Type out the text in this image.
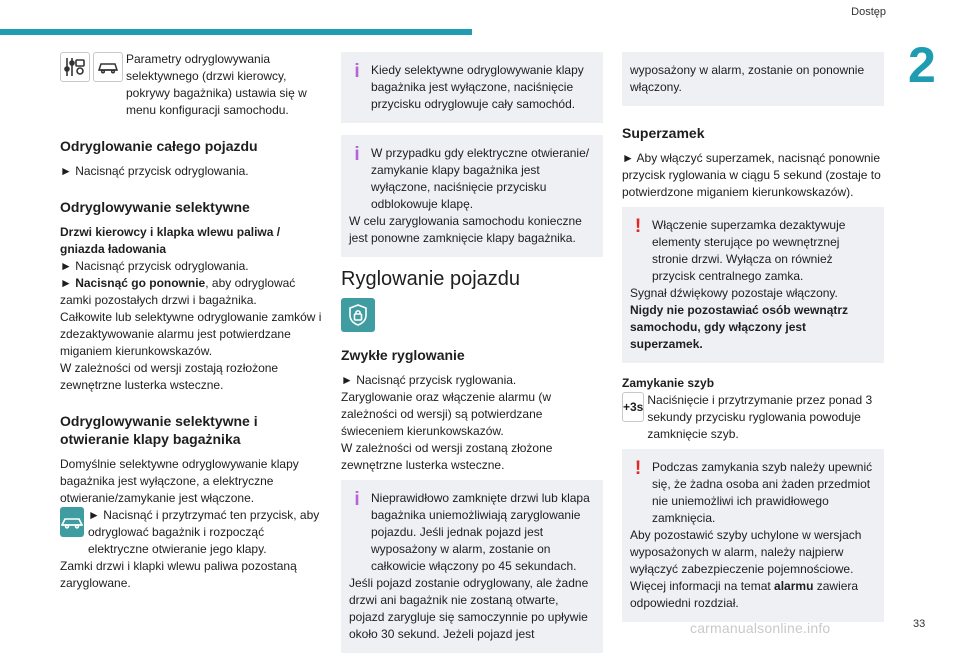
Dostęp
2

Parametry odryglowywania selektywnego (drzwi kierowcy, pokrywy bagażnika) ustawia się w menu konfiguracji samochodu.

Odryglowanie całego pojazdu

► Nacisnąć przycisk odryglowania.

Odryglowywanie selektywne

Drzwi kierowcy i klapka wlewu paliwa / gniazda ładowania

► Nacisnąć przycisk odryglowania.

► Nacisnąć go ponownie, aby odryglować zamki pozostałych drzwi i bagażnika.

Całkowite lub selektywne odryglowanie zamków i zdezaktywowanie alarmu jest potwierdzane miganiem kierunkowskazów.

W zależności od wersji zostają rozłożone zewnętrzne lusterka wsteczne.

Odryglowywanie selektywne i otwieranie klapy bagażnika

Domyślnie selektywne odryglowywanie klapy bagażnika jest wyłączone, a elektryczne otwieranie/zamykanie jest włączone.

► Nacisnąć i przytrzymać ten przycisk, aby odryglować bagażnik i rozpocząć elektryczne otwieranie jego klapy.

Zamki drzwi i klapki wlewu paliwa pozostaną zaryglowane.

i Kiedy selektywne odryglowywanie klapy bagażnika jest wyłączone, naciśnięcie przycisku odryglowuje cały samochód.

i W przypadku gdy elektryczne otwieranie/ zamykanie klapy bagażnika jest wyłączone, naciśnięcie przycisku odblokowuje klapę.

W celu zaryglowania samochodu konieczne jest ponowne zamknięcie klapy bagażnika.

Ryglowanie pojazdu
Zwykłe ryglowanie

► Nacisnąć przycisk ryglowania.

Zaryglowanie oraz włączenie alarmu (w zależności od wersji) są potwierdzane świeceniem kierunkowskazów.

W zależności od wersji zostaną złożone zewnętrzne lusterka wsteczne.

i Nieprawidłowo zamknięte drzwi lub klapa bagażnika uniemożliwiają zaryglowanie pojazdu. Jeśli jednak pojazd jest wyposażony w alarm, zostanie on całkowicie włączony po 45 sekundach.

Jeśli pojazd zostanie odryglowany, ale żadne drzwi ani bagażnik nie zostaną otwarte, pojazd zarygluje się samoczynnie po upływie około 30 sekund. Jeżeli pojazd jest

wyposażony w alarm, zostanie on ponownie włączony.

Superzamek

► Aby włączyć superzamek, nacisnąć ponownie przycisk ryglowania w ciągu 5 sekund (zostaje to potwierdzone miganiem kierunkowskazów).

! Włączenie superzamka dezaktywuje elementy sterujące po wewnętrznej stronie drzwi. Wyłącza on również przycisk centralnego zamka.

Sygnał dźwiękowy pozostaje włączony.

Nigdy nie pozostawiać osób wewnątrz samochodu, gdy włączony jest superzamek.

Zamykanie szyb

+3s Naciśnięcie i przytrzymanie przez ponad 3 sekundy przycisku ryglowania powoduje zamknięcie szyb.

! Podczas zamykania szyb należy upewnić się, że żadna osoba ani żaden przedmiot nie uniemożliwi ich prawidłowego zamknięcia.

Aby pozostawić szyby uchylone w wersjach wyposażonych w alarm, należy najpierw wyłączyć zabezpieczenie pojemnościowe.

Więcej informacji na temat alarmu zawiera odpowiedni rozdział.

carmanualsonline.info	33
